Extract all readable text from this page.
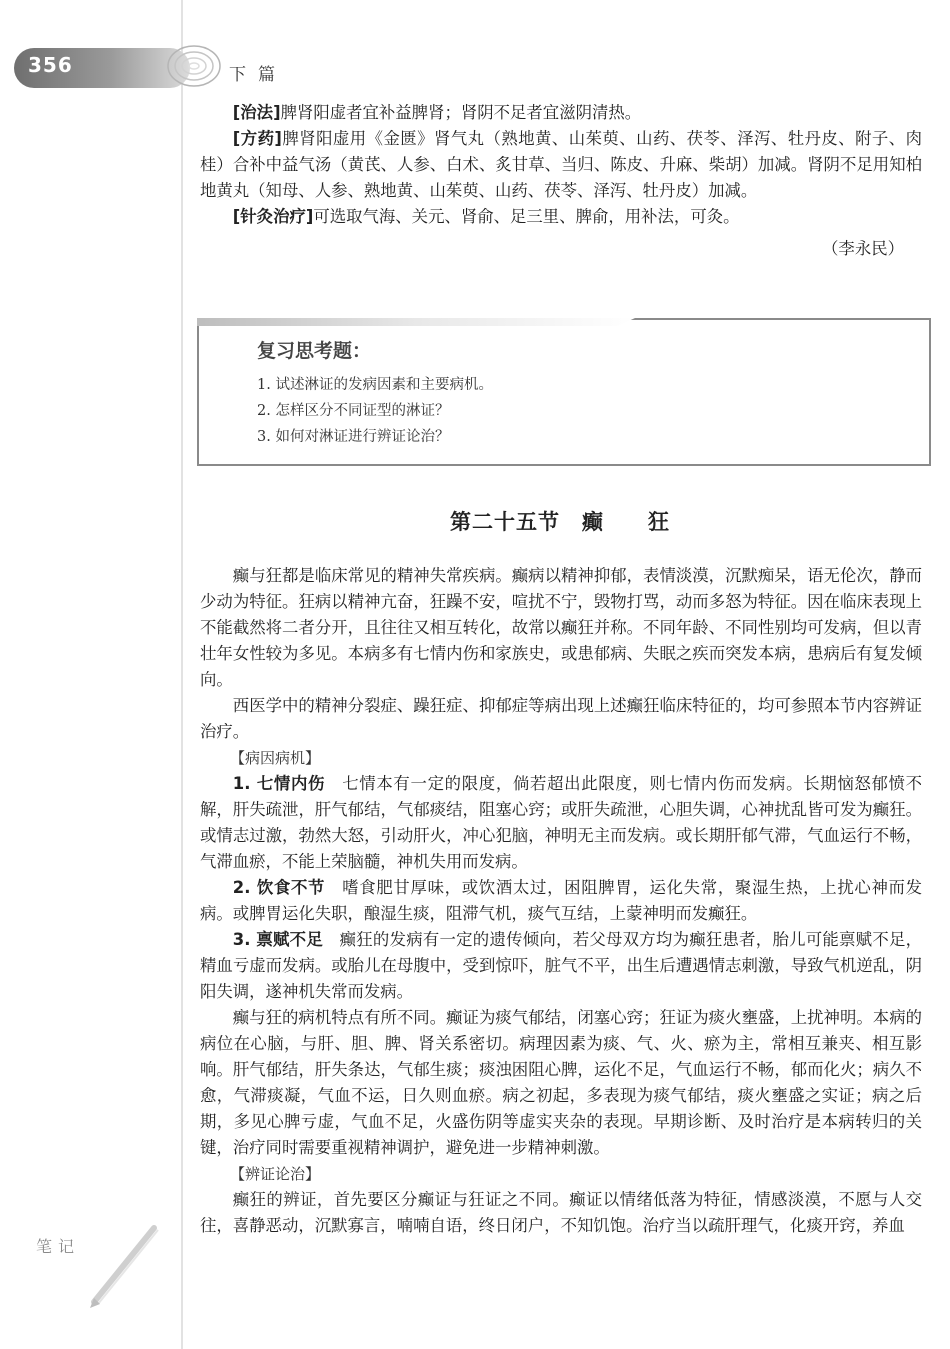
356	下篇

[治法]脾肾阳虚者宜补益脾肾；肾阴不足者宜滋阴清热。

[方药]脾肾阳虚用《金匮》肾气丸（熟地黄、山茱萸、山药、茯苓、泽泻、牡丹皮、附子、肉桂）合补中益气汤（黄芪、人参、白术、炙甘草、当归、陈皮、升麻、柴胡）加减。肾阴不足用知柏地黄丸（知母、人参、熟地黄、山茱萸、山药、茯苓、泽泻、牡丹皮）加减。

[针灸治疗]可选取气海、关元、肾俞、足三里、脾俞，用补法，可灸。

（李永民）

复习思考题：
1. 试述淋证的发病因素和主要病机。
2. 怎样区分不同证型的淋证？
3. 如何对淋证进行辨证论治？
第二十五节　癫　　狂

癫与狂都是临床常见的精神失常疾病。癫病以精神抑郁，表情淡漠，沉默痴呆，语无伦次，静而少动为特征。狂病以精神亢奋，狂躁不安，喧扰不宁，毁物打骂，动而多怒为特征。因在临床表现上不能截然将二者分开，且往往又相互转化，故常以癫狂并称。不同年龄、不同性别均可发病，但以青壮年女性较为多见。本病多有七情内伤和家族史，或患郁病、失眠之疾而突发本病，患病后有复发倾向。

西医学中的精神分裂症、躁狂症、抑郁症等病出现上述癫狂临床特征的，均可参照本节内容辨证治疗。

【病因病机】

1. 七情内伤　 七情本有一定的限度，倘若超出此限度，则七情内伤而发病。长期恼怒郁愤不解，肝失疏泄，肝气郁结，气郁痰结，阻塞心窍；或肝失疏泄，心胆失调，心神扰乱皆可发为癫狂。或情志过激，勃然大怒，引动肝火，冲心犯脑，神明无主而发病。或长期肝郁气滞，气血运行不畅，气滞血瘀，不能上荣脑髓，神机失用而发病。

2. 饮食不节　 嗜食肥甘厚味，或饮酒太过，困阻脾胃，运化失常，聚湿生热，上扰心神而发病。或脾胃运化失职，酿湿生痰，阻滞气机，痰气互结，上蒙神明而发癫狂。

3. 禀赋不足　 癫狂的发病有一定的遗传倾向，若父母双方均为癫狂患者，胎儿可能禀赋不足，精血亏虚而发病。或胎儿在母腹中，受到惊吓，脏气不平，出生后遭遇情志刺激，导致气机逆乱，阴阳失调，遂神机失常而发病。

癫与狂的病机特点有所不同。癫证为痰气郁结，闭塞心窍；狂证为痰火壅盛，上扰神明。本病的病位在心脑，与肝、胆、脾、肾关系密切。病理因素为痰、气、火、瘀为主，常相互兼夹、相互影响。肝气郁结，肝失条达，气郁生痰；痰浊困阻心脾，运化不足，气血运行不畅，郁而化火；病久不愈，气滞痰凝，气血不运，日久则血瘀。病之初起，多表现为痰气郁结，痰火壅盛之实证；病之后期，多见心脾亏虚，气血不足，火盛伤阴等虚实夹杂的表现。早期诊断、及时治疗是本病转归的关键，治疗同时需要重视精神调护，避免进一步精神刺激。

【辨证论治】

癫狂的辨证，首先要区分癫证与狂证之不同。癫证以情绪低落为特征，情感淡漠，不愿与人交往，喜静恶动，沉默寡言，喃喃自语，终日闭户，不知饥饱。治疗当以疏肝理气，化痰开窍，养血

笔记
